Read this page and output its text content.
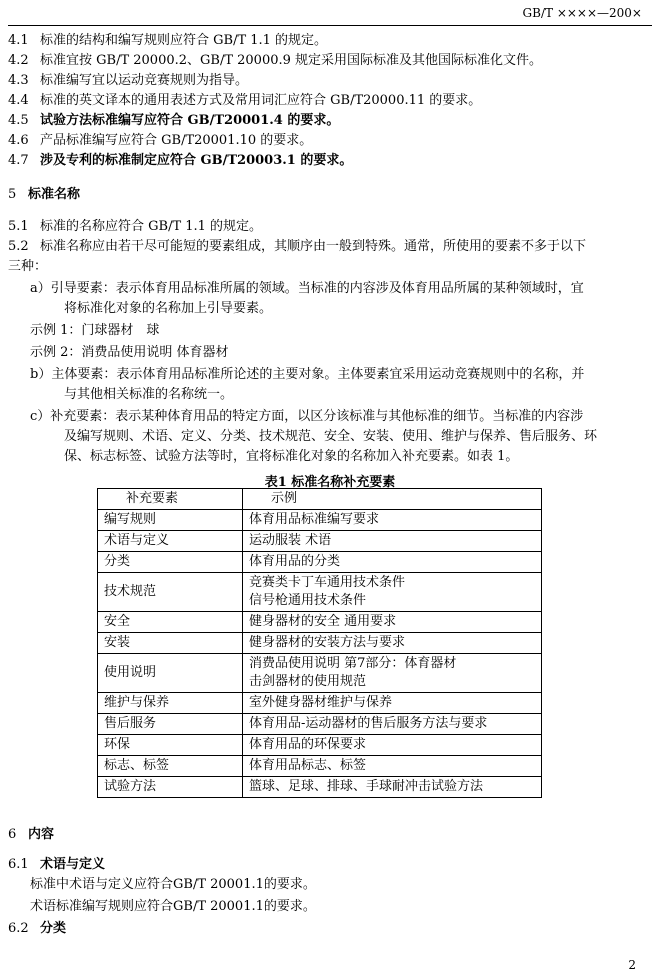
GB/T ××××—200×
4.1 标准的结构和编写规则应符合 GB/T 1.1 的规定。
4.2 标准宜按 GB/T 20000.2、GB/T 20000.9 规定采用国际标准及其他国际标准化文件。
4.3 标准编写宜以运动竞赛规则为指导。
4.4 标准的英文译本的通用表述方式及常用词汇应符合 GB/T20000.11 的要求。
4.5 试验方法标准编写应符合 GB/T20001.4 的要求。
4.6 产品标准编写应符合 GB/T20001.10 的要求。
4.7 涉及专利的标准制定应符合 GB/T20003.1 的要求。
5 标准名称
5.1 标准的名称应符合 GB/T 1.1 的规定。
5.2 标准名称应由若干尽可能短的要素组成，其顺序由一般到特殊。通常，所使用的要素不多于以下
三种：
a）引导要素：表示体育用品标准所属的领域。当标准的内容涉及体育用品所属的某种领域时，宜
将标准化对象的名称加上引导要素。
示例 1：门球器材　球
示例 2：消费品使用说明 体育器材
b）主体要素：表示体育用品标准所论述的主要对象。主体要素宜采用运动竞赛规则中的名称，并
与其他相关标准的名称统一。
c）补充要素：表示某种体育用品的特定方面，以区分该标准与其他标准的细节。当标准的内容涉
及编写规则、术语、定义、分类、技术规范、安全、安装、使用、维护与保养、售后服务、环
保、标志标签、试验方法等时，宜将标准化对象的名称加入补充要素。如表 1。
表1 标准名称补充要素
补充要素	示例
编写规则	体育用品标准编写要求
术语与定义	运动服装 术语
分类	体育用品的分类
技术规范	竞赛类卡丁车通用技术条件
信号枪通用技术条件

安全	健身器材的安全 通用要求
安装	健身器材的安装方法与要求
使用说明	消费品使用说明 第7部分：体育器材
击剑器材的使用规范

维护与保养	室外健身器材维护与保养
售后服务	体育用品-运动器材的售后服务方法与要求
环保	体育用品的环保要求
标志、标签	体育用品标志、标签
试验方法	篮球、足球、排球、手球耐冲击试验方法
6 内容
6.1 术语与定义
标准中术语与定义应符合GB/T 20001.1的要求。
术语标准编写规则应符合GB/T 20001.1的要求。
6.2 分类
2
